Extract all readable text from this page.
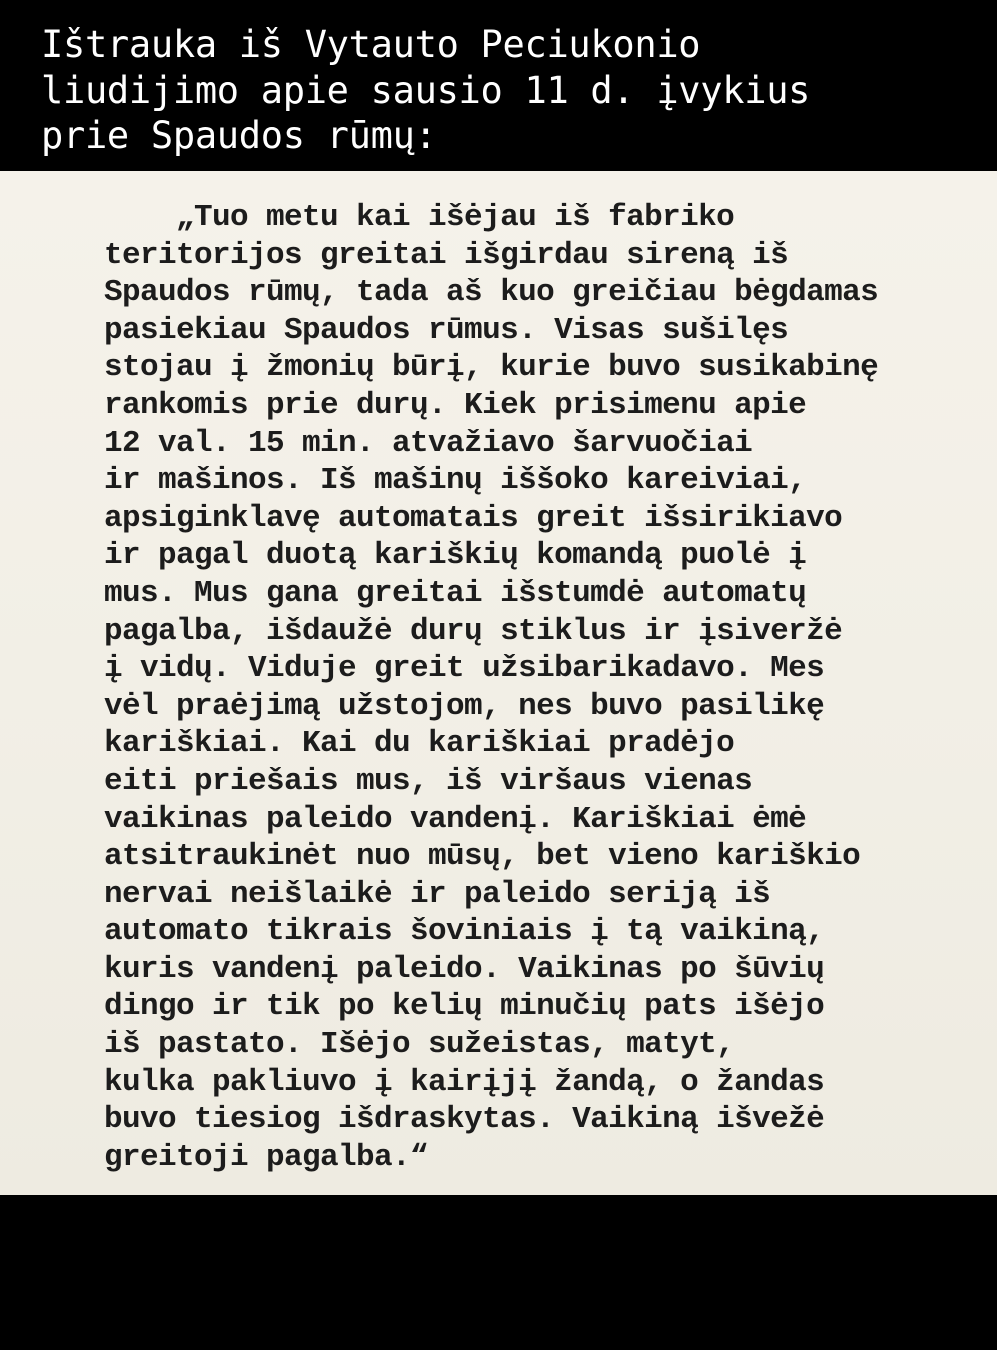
Ištrauka iš Vytauto Peciukonio
liudijimo apie sausio 11 d. įvykius
prie Spaudos rūmų:
„Tuo metu kai išėjau iš fabriko
teritorijos greitai išgirdau sireną iš
Spaudos rūmų, tada aš kuo greičiau bėgdamas
pasiekiau Spaudos rūmus. Visas sušilęs
stojau į žmonių būrį, kurie buvo susikabinę
rankomis prie durų. Kiek prisimenu apie
12 val. 15 min. atvažiavo šarvuočiai
ir mašinos. Iš mašinų iššoko kareiviai,
apsiginklavę automatais greit išsirikiavo
ir pagal duotą kariškių komandą puolė į
mus. Mus gana greitai išstumdė automatų
pagalba, išdaužė durų stiklus ir įsiveržė
į vidų. Viduje greit užsibarikadavo. Mes
vėl praėjimą užstojom, nes buvo pasilikę
kariškiai. Kai du kariškiai pradėjo
eiti priešais mus, iš viršaus vienas
vaikinas paleido vandenį. Kariškiai ėmė
atsitraukinėt nuo mūsų, bet vieno kariškio
nervai neišlaikė ir paleido seriją iš
automato tikrais šoviniais į tą vaikiną,
kuris vandenį paleido. Vaikinas po šūvių
dingo ir tik po kelių minučių pats išėjo
iš pastato. Išėjo sužeistas, matyt,
kulka pakliuvo į kairįjį žandą, o žandas
buvo tiesiog išdraskytas. Vaikiną išvežė
greitoji pagalba.“
